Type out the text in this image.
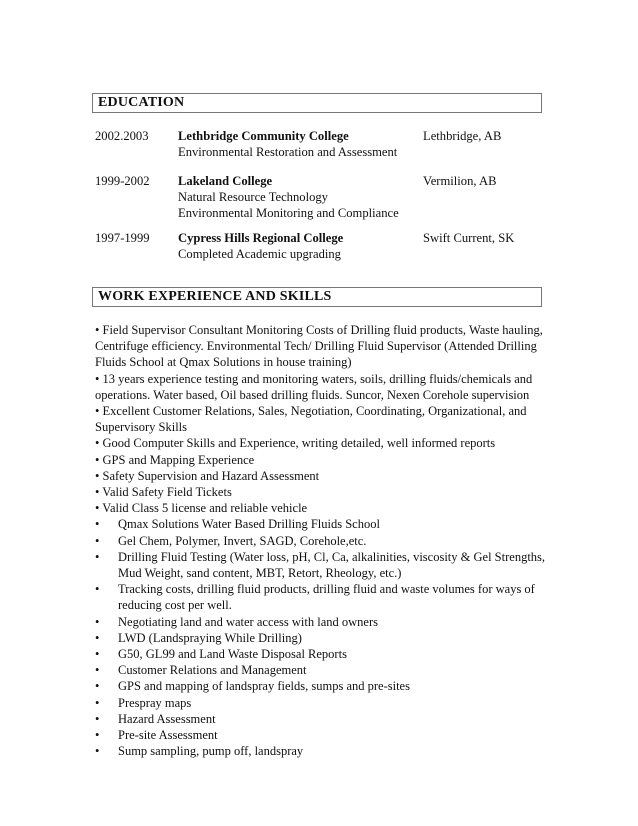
EDUCATION
2002.2003 Lethbridge Community College
Environmental Restoration and Assessment
Lethbridge, AB
1999-2002 Lakeland College
Natural Resource Technology
Environmental Monitoring and Compliance
Vermilion, AB
1997-1999 Cypress Hills Regional College
Completed Academic upgrading
Swift Current, SK
WORK EXPERIENCE AND SKILLS

• Field Supervisor Consultant Monitoring Costs of Drilling fluid products, Waste hauling, Centrifuge efficiency. Environmental Tech/ Drilling Fluid Supervisor (Attended Drilling Fluids School at Qmax Solutions in house training)

• 13 years experience testing and monitoring waters, soils, drilling fluids/chemicals and operations. Water based, Oil based drilling fluids. Suncor, Nexen Corehole supervision

• Excellent Customer Relations, Sales, Negotiation, Coordinating, Organizational, and Supervisory Skills

• Good Computer Skills and Experience, writing detailed, well informed reports

• GPS and Mapping Experience

• Safety Supervision and Hazard Assessment

• Valid Safety Field Tickets

• Valid Class 5 license and reliable vehicle

• Qmax Solutions Water Based Drilling Fluids School
• Gel Chem, Polymer, Invert, SAGD, Corehole,etc.
• Drilling Fluid Testing (Water loss, pH, Cl, Ca, alkalinities, viscosity & Gel Strengths, Mud Weight, sand content, MBT, Retort, Rheology, etc.)
• Tracking costs, drilling fluid products, drilling fluid and waste volumes for ways of reducing cost per well.
• Negotiating land and water access with land owners
• LWD (Landspraying While Drilling)
• G50, GL99 and Land Waste Disposal Reports
• Customer Relations and Management
• GPS and mapping of landspray fields, sumps and pre-sites
• Prespray maps
• Hazard Assessment
• Pre-site Assessment
• Sump sampling, pump off, landspray
